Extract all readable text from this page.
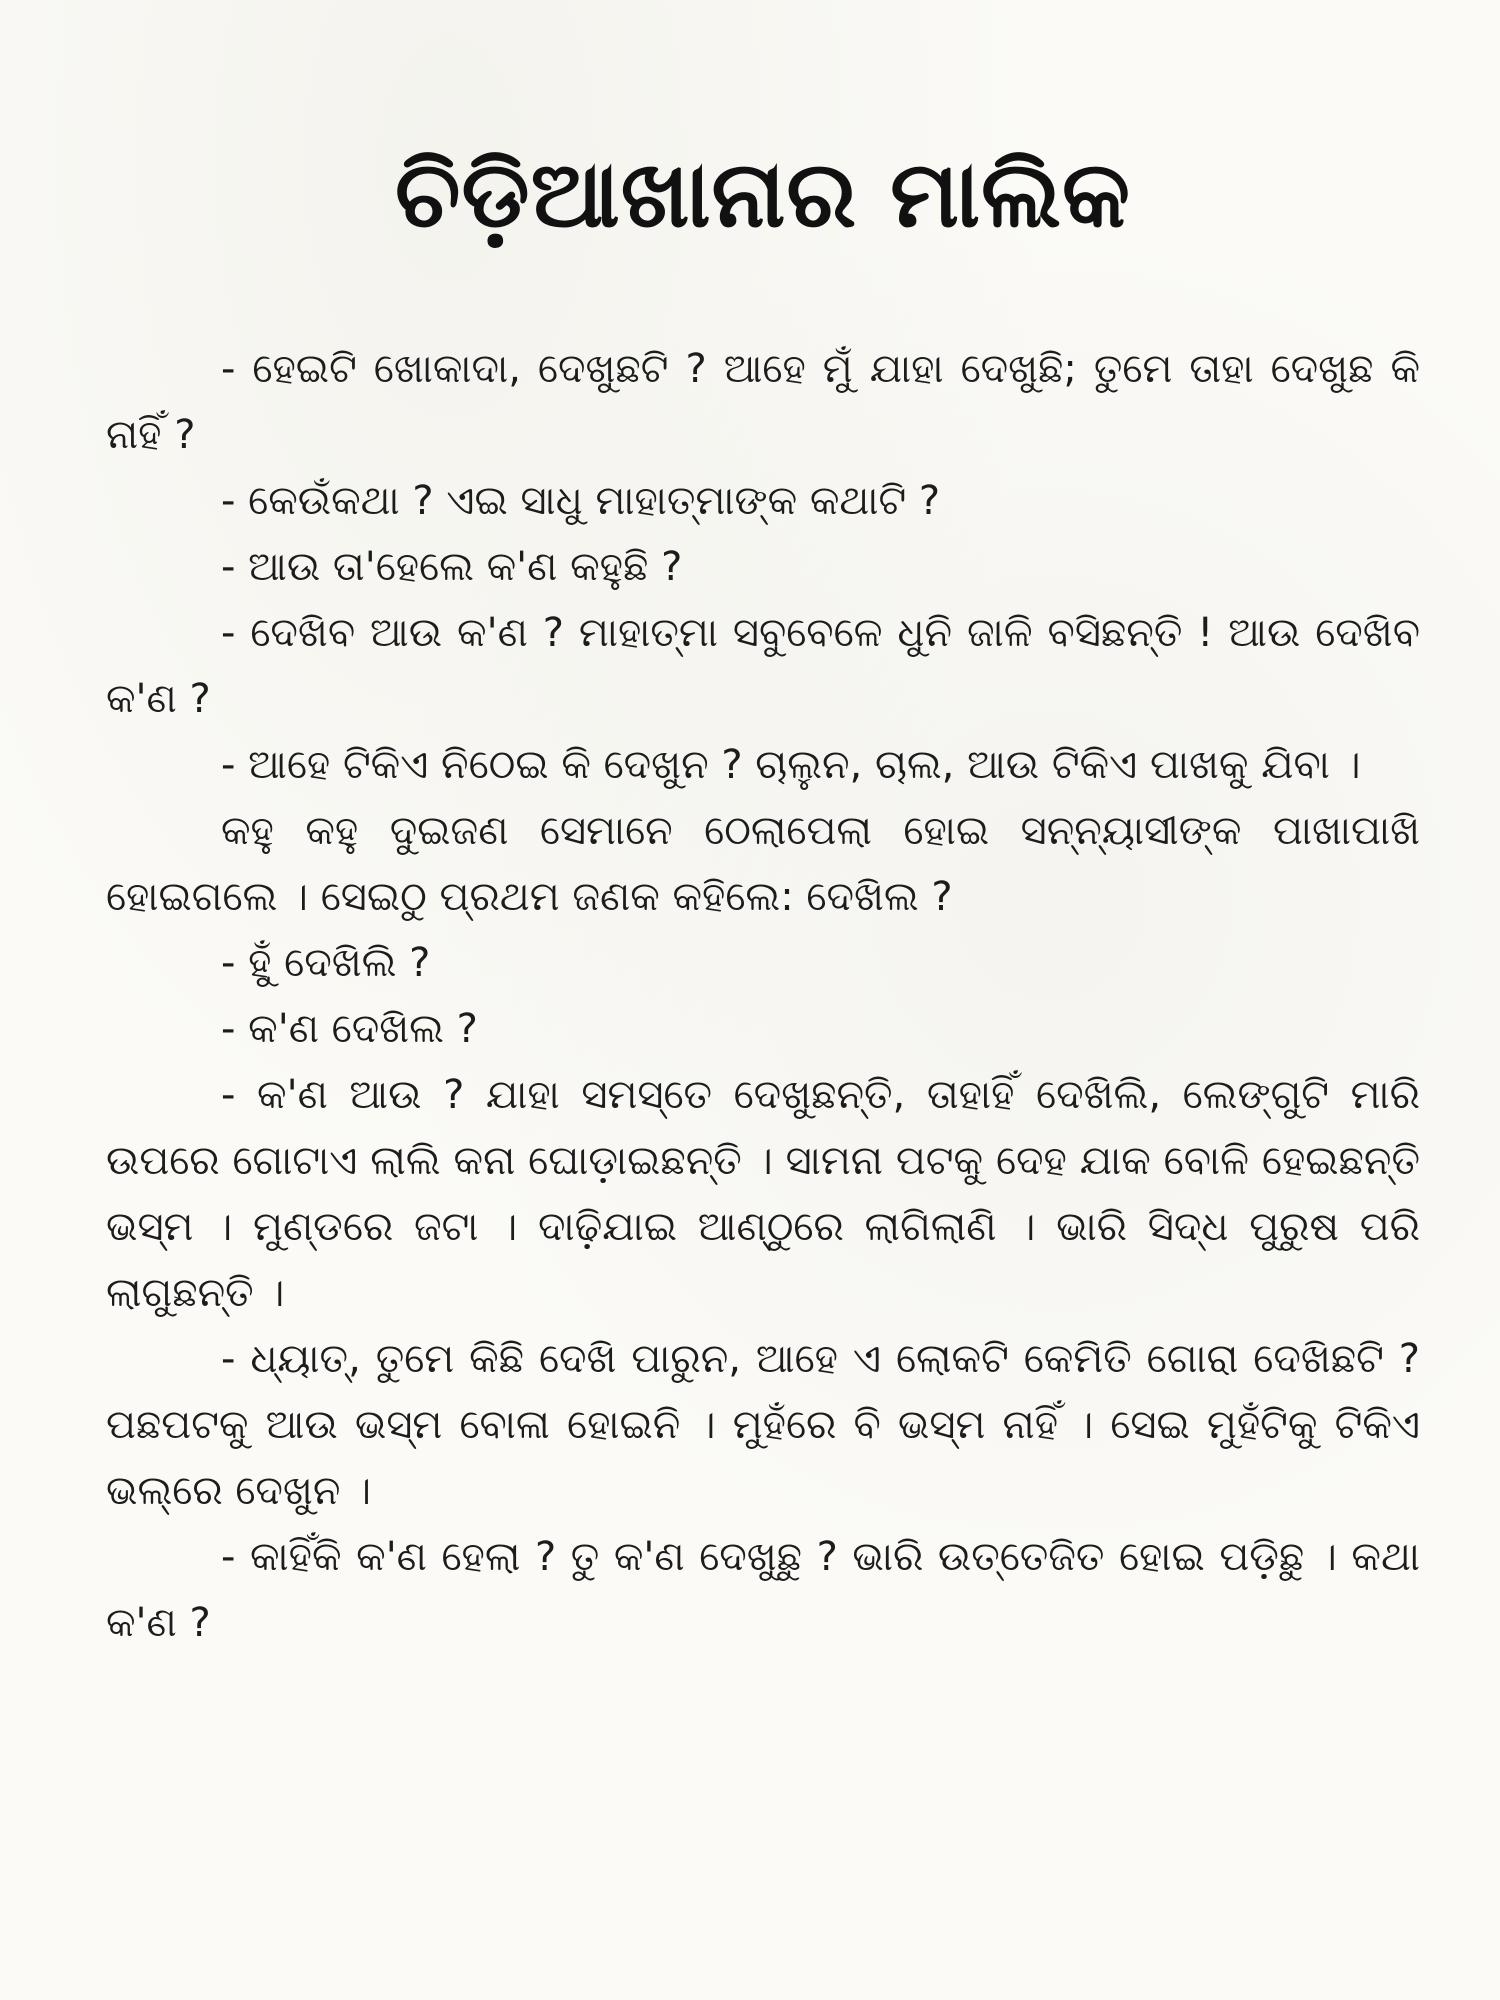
ଚିଡ଼ିଆଖାନାର ମାଲିକ

- ହେଇଟି ଖୋକାଦା, ଦେଖୁଛଟି ? ଆହେ ମୁଁ ଯାହା ଦେଖୁଛି; ତୁମେ ତାହା ଦେଖୁଛ କି ନାହିଁ ?

- କେଉଁକଥା ? ଏଇ ସାଧୁ ମାହାତ୍ମାଙ୍କ କଥାଟି ?

- ଆଉ ତା'ହେଲେ କ'ଣ କହୁଛି ?

- ଦେଖିବ ଆଉ କ'ଣ ? ମାହାତ୍ମା ସବୁବେଳେ ଧୁନି ଜାଳି ବସିଛନ୍ତି ! ଆଉ ଦେଖିବ କ'ଣ ?

- ଆହେ ଟିକିଏ ନିଠେଇ କି ଦେଖୁନ ? ଚାଲୁନ, ଚାଲ, ଆଉ ଟିକିଏ ପାଖକୁ ଯିବା ।

କହୁ କହୁ ଦୁଇଜଣ ସେମାନେ ଠେଲାପେଲା ହୋଇ ସନ୍ନ୍ୟାସୀଙ୍କ ପାଖାପାଖି ହୋଇଗଲେ । ସେଇଠୁ ପ୍ରଥମ ଜଣକ କହିଲେ: ଦେଖିଲ ?

- ହୁଁ ଦେଖିଲି ?

- କ'ଣ ଦେଖିଲ ?

- କ'ଣ ଆଉ ? ଯାହା ସମସ୍ତେ ଦେଖୁଛନ୍ତି, ତାହାହିଁ ଦେଖିଲି, ଲେଙ୍ଗୁଟି ମାରି ଉପରେ ଗୋଟାଏ ଲାଲି କନା ଘୋଡ଼ାଇଛନ୍ତି । ସାମନା ପଟକୁ ଦେହ ଯାକ ବୋଳି ହେଇଛନ୍ତି ଭସ୍ମ । ମୁଣ୍ଡରେ ଜଟା । ଦାଢ଼ିଯାଇ ଆଣ୍ଠୁରେ ଲାଗିଲାଣି । ଭାରି ସିଦ୍ଧ ପୁରୁଷ ପରି ଲାଗୁଛନ୍ତି ।

- ଧ୍ୟାତ୍, ତୁମେ କିଛି ଦେଖି ପାରୁନ, ଆହେ ଏ ଲୋକଟି କେମିତି ଗୋରା ଦେଖିଛଟି ? ପଛପଟକୁ ଆଉ ଭସ୍ମ ବୋଳା ହୋଇନି । ମୁହଁରେ ବି ଭସ୍ମ ନାହିଁ । ସେଇ ମୁହଁଟିକୁ ଟିକିଏ ଭଲ୍‌ରେ ଦେଖୁନ ।

- କାହିଁକି କ'ଣ ହେଲା ? ତୁ କ'ଣ ଦେଖୁଛୁ ? ଭାରି ଉତ୍ତେଜିତ ହୋଇ ପଡ଼ିଛୁ । କଥା କ'ଣ ?
